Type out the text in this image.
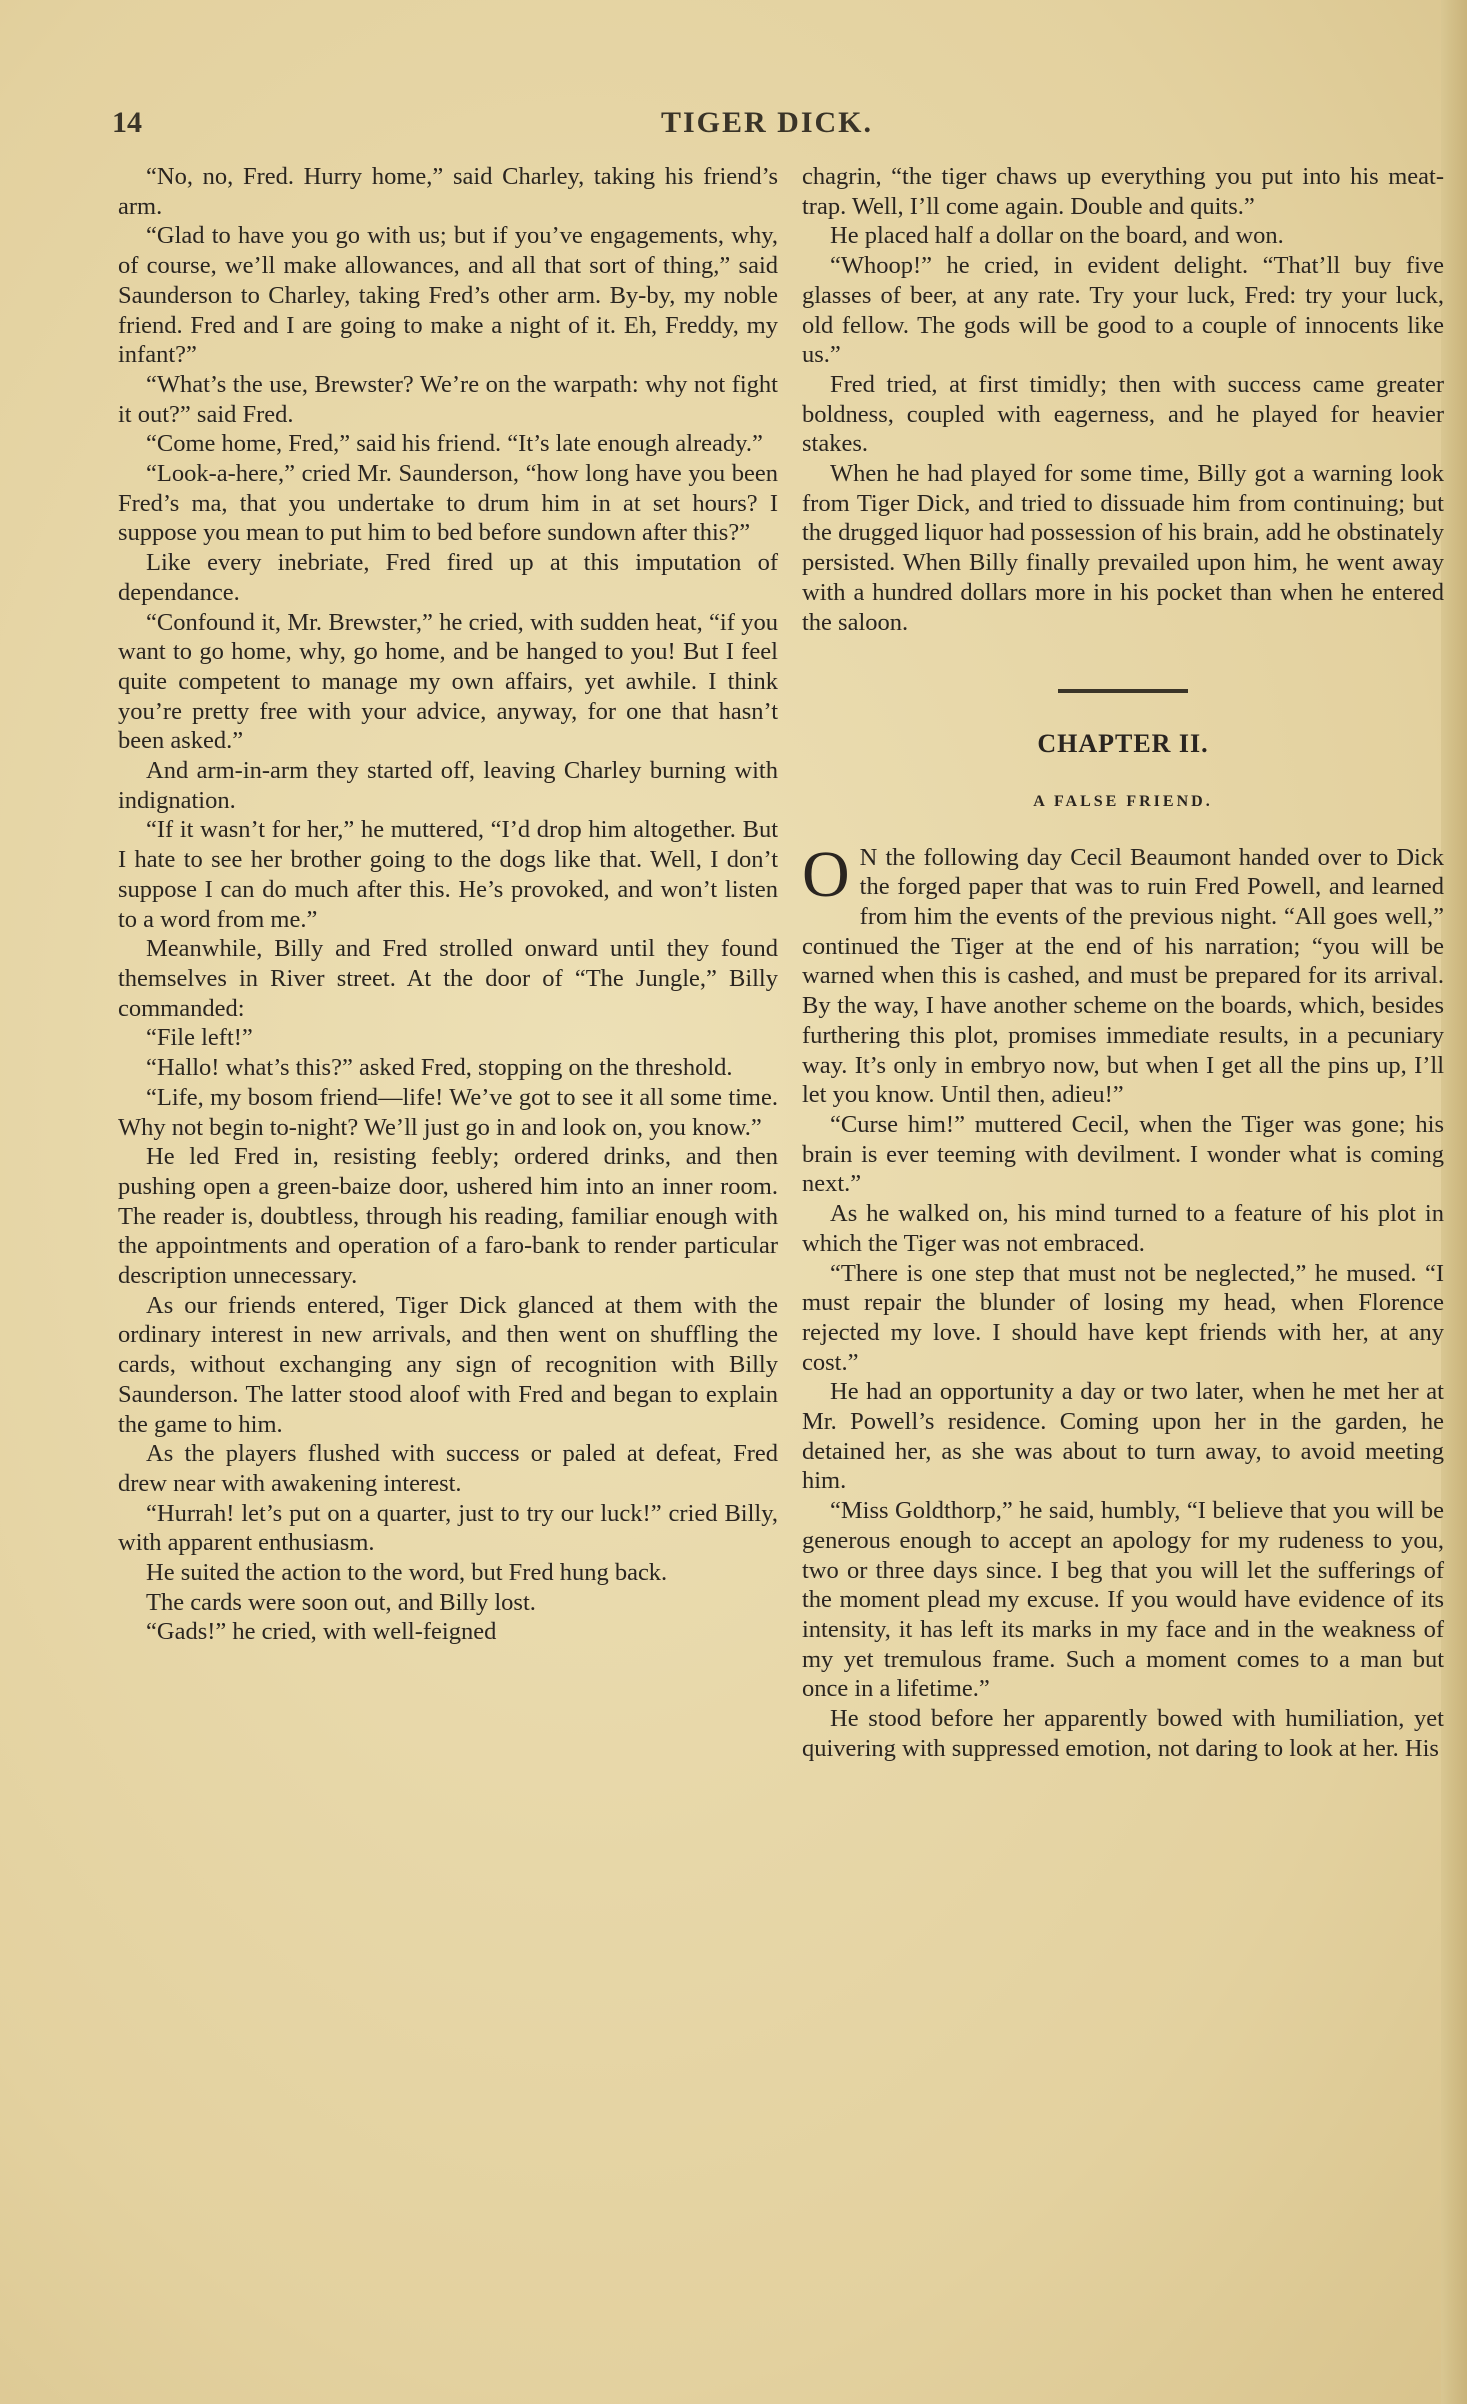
14	TIGER DICK.

“No, no, Fred. Hurry home,” said Charley, taking his friend’s arm.

“Glad to have you go with us; but if you’ve engagements, why, of course, we’ll make allowances, and all that sort of thing,” said Saunderson to Charley, taking Fred’s other arm. By-by, my noble friend. Fred and I are going to make a night of it. Eh, Freddy, my infant?”

“What’s the use, Brewster? We’re on the warpath: why not fight it out?” said Fred.

“Come home, Fred,” said his friend. “It’s late enough already.”

“Look-a-here,” cried Mr. Saunderson, “how long have you been Fred’s ma, that you undertake to drum him in at set hours? I suppose you mean to put him to bed before sundown after this?”

Like every inebriate, Fred fired up at this imputation of dependance.

“Confound it, Mr. Brewster,” he cried, with sudden heat, “if you want to go home, why, go home, and be hanged to you! But I feel quite competent to manage my own affairs, yet awhile. I think you’re pretty free with your advice, anyway, for one that hasn’t been asked.”

And arm-in-arm they started off, leaving Charley burning with indignation.

“If it wasn’t for her,” he muttered, “I’d drop him altogether. But I hate to see her brother going to the dogs like that. Well, I don’t suppose I can do much after this. He’s provoked, and won’t listen to a word from me.”

Meanwhile, Billy and Fred strolled onward until they found themselves in River street. At the door of “The Jungle,” Billy commanded:

“File left!”

“Hallo! what’s this?” asked Fred, stopping on the threshold.

“Life, my bosom friend—life! We’ve got to see it all some time. Why not begin to-night? We’ll just go in and look on, you know.”

He led Fred in, resisting feebly; ordered drinks, and then pushing open a green-baize door, ushered him into an inner room. The reader is, doubtless, through his reading, familiar enough with the appointments and operation of a faro-bank to render particular description unnecessary.

As our friends entered, Tiger Dick glanced at them with the ordinary interest in new arrivals, and then went on shuffling the cards, without exchanging any sign of recognition with Billy Saunderson. The latter stood aloof with Fred and began to explain the game to him.

As the players flushed with success or paled at defeat, Fred drew near with awakening interest.

“Hurrah! let’s put on a quarter, just to try our luck!” cried Billy, with apparent enthusiasm.

He suited the action to the word, but Fred hung back.

The cards were soon out, and Billy lost.

“Gads!” he cried, with well-feigned

chagrin, “the tiger chaws up everything you put into his meat-trap. Well, I’ll come again. Double and quits.”

He placed half a dollar on the board, and won.

“Whoop!” he cried, in evident delight. “That’ll buy five glasses of beer, at any rate. Try your luck, Fred: try your luck, old fellow. The gods will be good to a couple of innocents like us.”

Fred tried, at first timidly; then with success came greater boldness, coupled with eagerness, and he played for heavier stakes.

When he had played for some time, Billy got a warning look from Tiger Dick, and tried to dissuade him from continuing; but the drugged liquor had possession of his brain, add he obstinately persisted. When Billy finally prevailed upon him, he went away with a hundred dollars more in his pocket than when he entered the saloon.

CHAPTER II.
A FALSE FRIEND.

O N the following day Cecil Beaumont handed over to Dick the forged paper that was to ruin Fred Powell, and learned from him the events of the previous night. “All goes well,” continued the Tiger at the end of his narration; “you will be warned when this is cashed, and must be prepared for its arrival. By the way, I have another scheme on the boards, which, besides furthering this plot, promises immediate results, in a pecuniary way. It’s only in embryo now, but when I get all the pins up, I’ll let you know. Until then, adieu!”

“Curse him!” muttered Cecil, when the Tiger was gone; his brain is ever teeming with devilment. I wonder what is coming next.”

As he walked on, his mind turned to a feature of his plot in which the Tiger was not embraced.

“There is one step that must not be neglected,” he mused. “I must repair the blunder of losing my head, when Florence rejected my love. I should have kept friends with her, at any cost.”

He had an opportunity a day or two later, when he met her at Mr. Powell’s residence. Coming upon her in the garden, he detained her, as she was about to turn away, to avoid meeting him.

“Miss Goldthorp,” he said, humbly, “I believe that you will be generous enough to accept an apology for my rudeness to you, two or three days since. I beg that you will let the sufferings of the moment plead my excuse. If you would have evidence of its intensity, it has left its marks in my face and in the weakness of my yet tremulous frame. Such a moment comes to a man but once in a lifetime.”

He stood before her apparently bowed with humiliation, yet quivering with suppressed emotion, not daring to look at her. His
